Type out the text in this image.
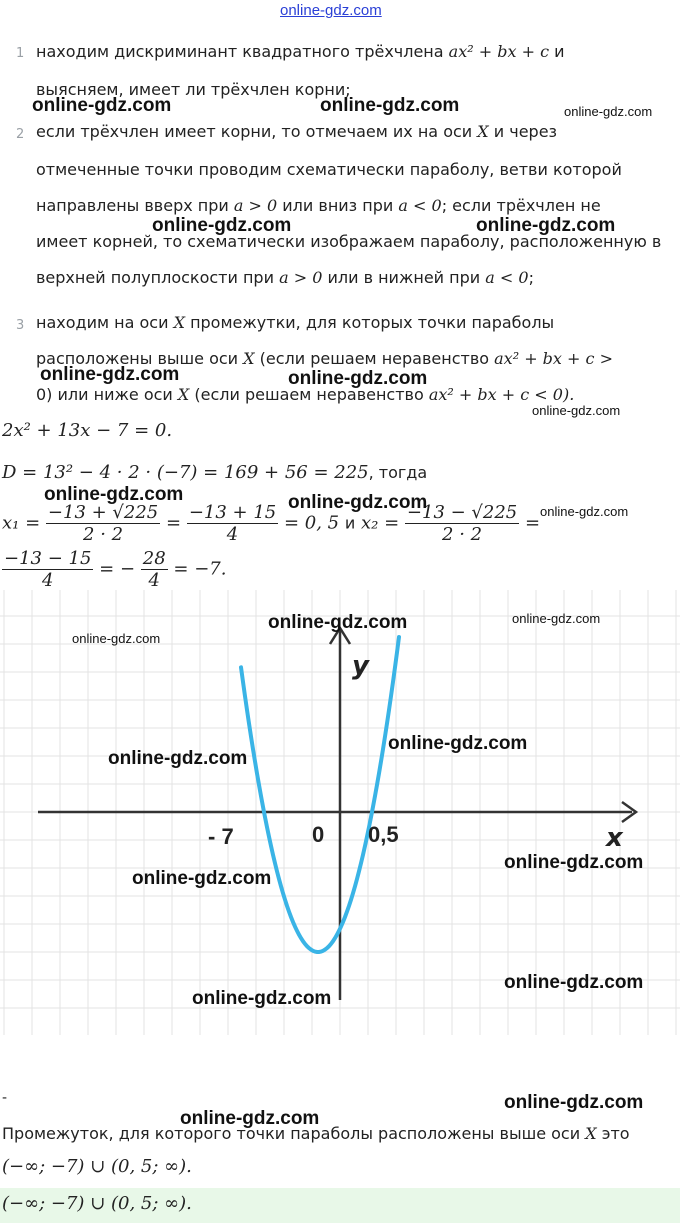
online-gdz.com
1 находим дискриминант квадратного трёхчлена ax² + bx + c и
выясняем, имеет ли трёхчлен корни;
2 если трёхчлен имеет корни, то отмечаем их на оси X и через
отмеченные точки проводим схематически параболу, ветви которой
направлены вверх при a > 0 или вниз при a < 0; если трёхчлен не
имеет корней, то схематически изображаем параболу, расположенную в
верхней полуплоскости при a > 0 или в нижней при a < 0;
3 находим на оси X промежутки, для которых точки параболы
расположены выше оси X (если решаем неравенство ax² + bx + c >
0) или ниже оси X (если решаем неравенство ax² + bx + c < 0).
2x² + 13x − 7 = 0.
D = 13² − 4 · 2 · (−7) = 169 + 56 = 225, тогда
$x_1 = \frac{-13 + √225}{2 \cdot 2} = \frac{-13 + 15}{4} = 0$, 5 и $x_2 = \frac{-13 - √225}{2 \cdot 2}$ =
$\frac{-13 - 15}{4}$ = − $\frac{28}{4} = -7$.
y
x
0
- 7	0,5
-
Промежуток, для которого точки параболы расположены выше оси X это
(−∞; −7) ∪ (0, 5; ∞).
(−∞; −7) ∪ (0, 5; ∞).
online-gdz.com	online-gdz.com	online-gdz.com
online-gdz.com	online-gdz.com
online-gdz.com	online-gdz.com
online-gdz.com
online-gdz.com	online-gdz.com	online-gdz.com
online-gdz.com	online-gdz.com
online-gdz.com
online-gdz.com
online-gdz.com
online-gdz.com
online-gdz.com
online-gdz.com
online-gdz.com
online-gdz.com
online-gdz.com
